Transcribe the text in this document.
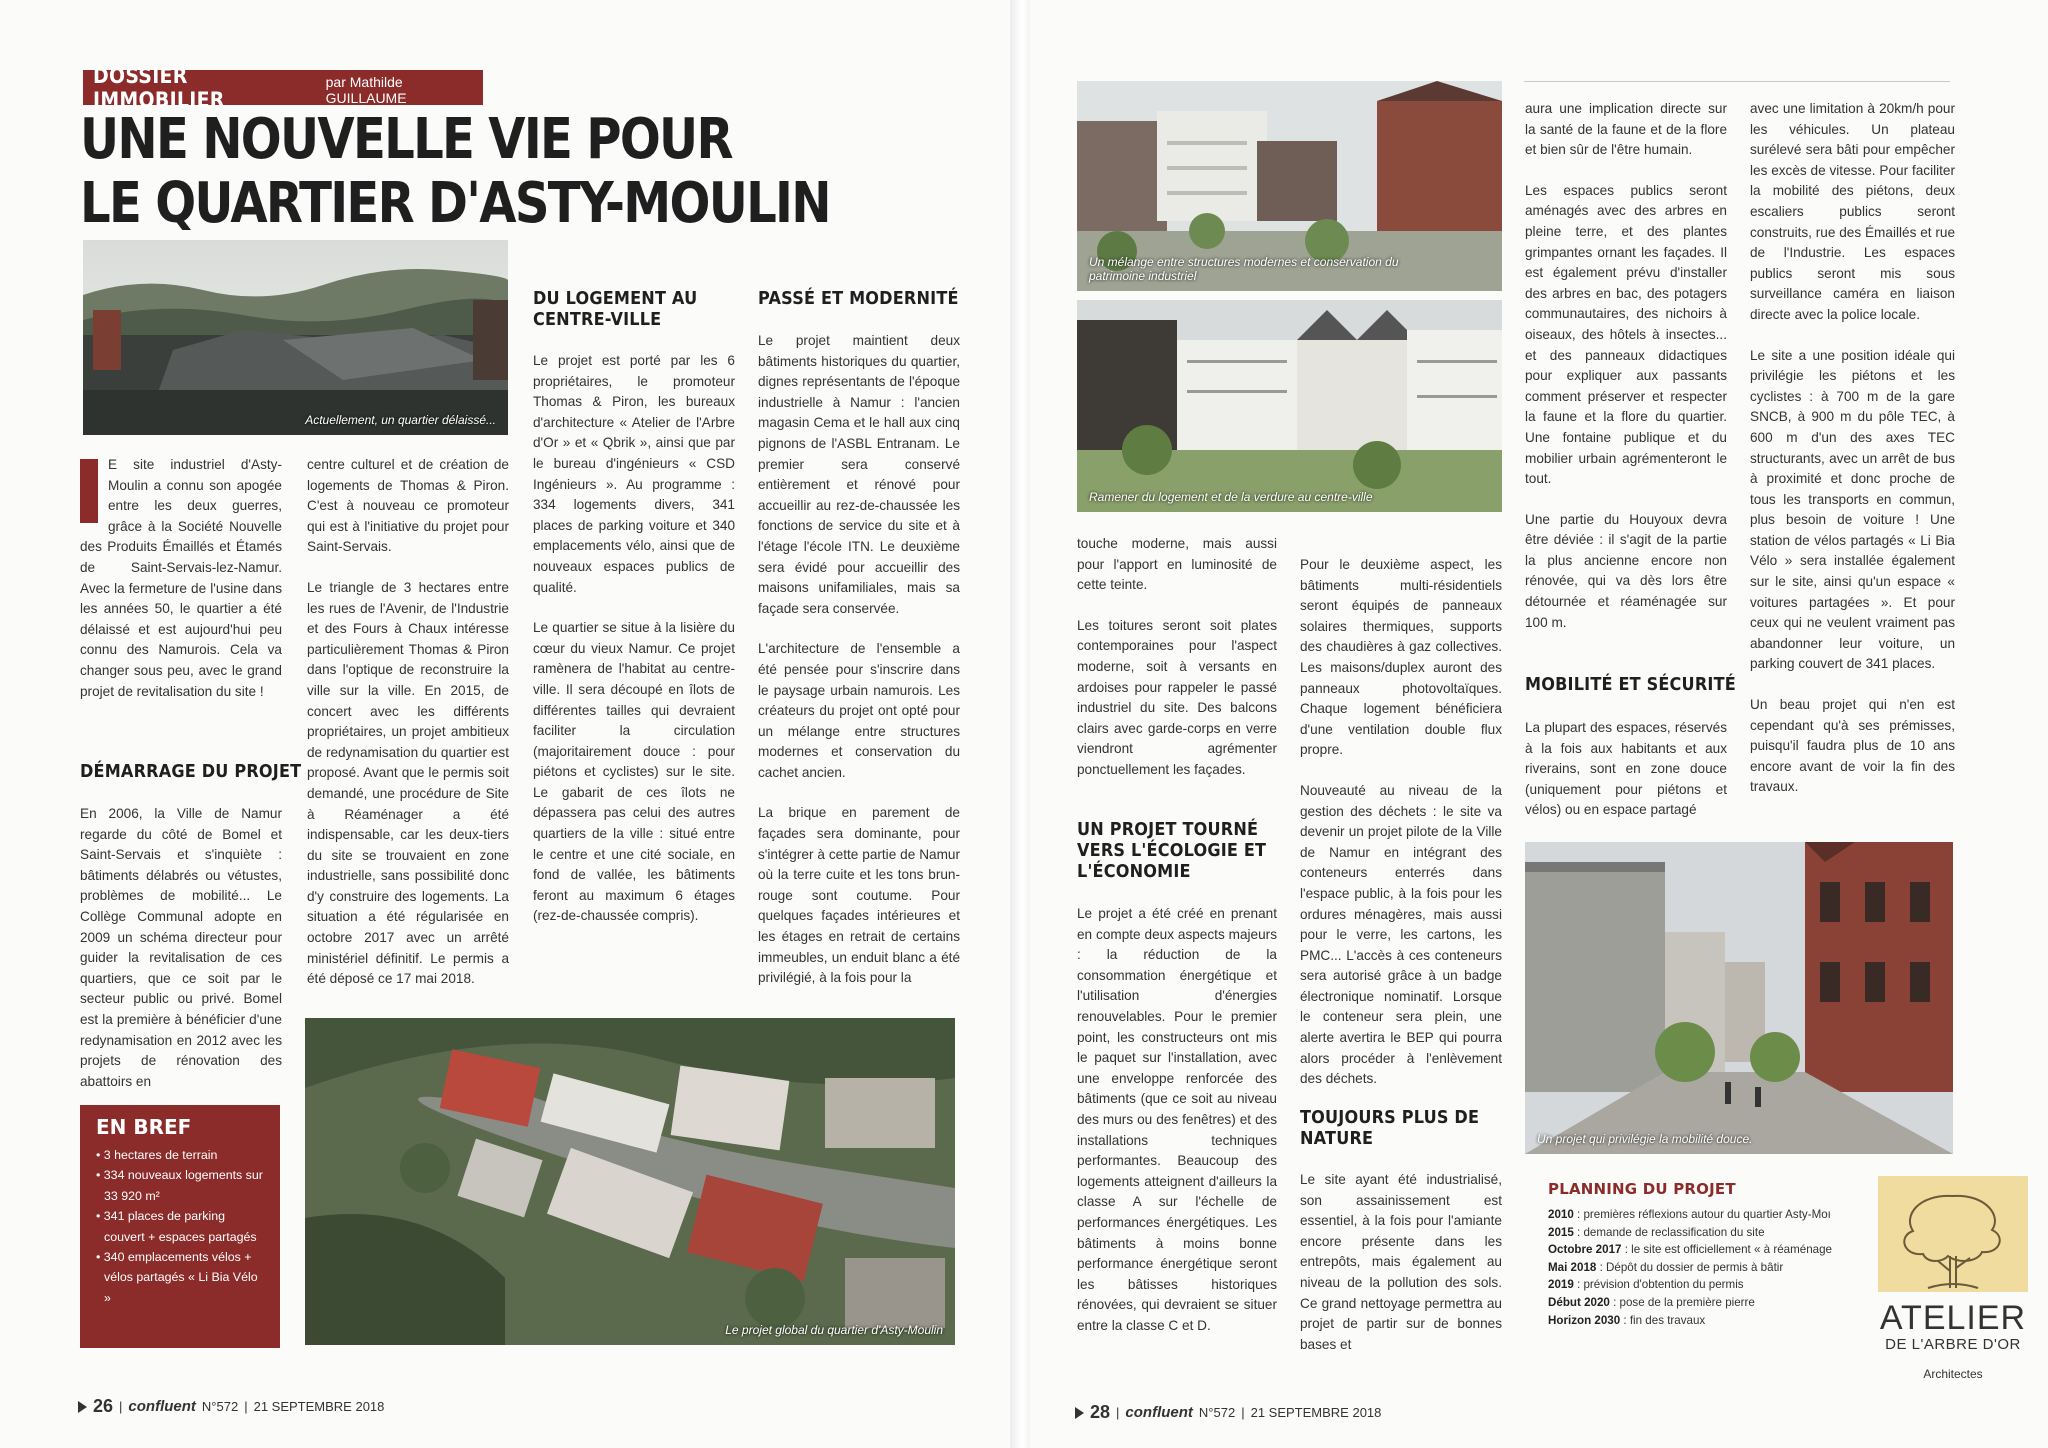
DOSSIER IMMOBILIER
par Mathilde GUILLAUME
UNE NOUVELLE VIE POUR
LE QUARTIER D'ASTY-MOULIN
Actuellement, un quartier délaissé...

E site industriel d'Asty-Moulin a connu son apogée entre les deux guerres, grâce à la Société Nouvelle des Produits Émaillés et Étamés de Saint-Servais-lez-Namur. Avec la fermeture de l'usine dans les années 50, le quartier a été délaissé et est aujourd'hui peu connu des Namurois. Cela va changer sous peu, avec le grand projet de revitalisation du site !

DÉMARRAGE DU PROJET

En 2006, la Ville de Namur regarde du côté de Bomel et Saint-Servais et s'inquiète : bâtiments délabrés ou vétustes, problèmes de mobilité... Le Collège Communal adopte en 2009 un schéma directeur pour guider la revitalisation de ces quartiers, que ce soit par le secteur public ou privé. Bomel est la première à bénéficier d'une redynamisation en 2012 avec les projets de rénovation des abattoirs en

centre culturel et de création de logements de Thomas & Piron. C'est à nouveau ce promoteur qui est à l'initiative du projet pour Saint-Servais.

Le triangle de 3 hectares entre les rues de l'Avenir, de l'Industrie et des Fours à Chaux intéresse particulièrement Thomas & Piron dans l'optique de reconstruire la ville sur la ville. En 2015, de concert avec les différents propriétaires, un projet ambitieux de redynamisation du quartier est proposé. Avant que le permis soit demandé, une procédure de Site à Réaménager a été indispensable, car les deux-tiers du site se trouvaient en zone industrielle, sans possibilité donc d'y construire des logements. La situation a été régularisée en octobre 2017 avec un arrêté ministériel définitif. Le permis a été déposé ce 17 mai 2018.

DU LOGEMENT AU
CENTRE-VILLE

Le projet est porté par les 6 propriétaires, le promoteur Thomas & Piron, les bureaux d'architecture « Atelier de l'Arbre d'Or » et « Qbrik », ainsi que par le bureau d'ingénieurs « CSD Ingénieurs ». Au programme : 334 logements divers, 341 places de parking voiture et 340 emplacements vélo, ainsi que de nouveaux espaces publics de qualité.

Le quartier se situe à la lisière du cœur du vieux Namur. Ce projet ramènera de l'habitat au centre-ville. Il sera découpé en îlots de différentes tailles qui devraient faciliter la circulation (majoritairement douce : pour piétons et cyclistes) sur le site. Le gabarit de ces îlots ne dépassera pas celui des autres quartiers de la ville : situé entre le centre et une cité sociale, en fond de vallée, les bâtiments feront au maximum 6 étages (rez-de-chaussée compris).

PASSÉ ET MODERNITÉ

Le projet maintient deux bâtiments historiques du quartier, dignes représentants de l'époque industrielle à Namur : l'ancien magasin Cema et le hall aux cinq pignons de l'ASBL Entranam. Le premier sera conservé entièrement et rénové pour accueillir au rez-de-chaussée les fonctions de service du site et à l'étage l'école ITN. Le deuxième sera évidé pour accueillir des maisons unifamiliales, mais sa façade sera conservée.

L'architecture de l'ensemble a été pensée pour s'inscrire dans le paysage urbain namurois. Les créateurs du projet ont opté pour un mélange entre structures modernes et conservation du cachet ancien.

La brique en parement de façades sera dominante, pour s'intégrer à cette partie de Namur où la terre cuite et les tons brun-rouge sont coutume. Pour quelques façades intérieures et les étages en retrait de certains immeubles, un enduit blanc a été privilégié, à la fois pour la

EN BREF
• 3 hectares de terrain
• 334 nouveaux logements sur 33 920 m²
• 341 places de parking couvert + espaces partagés
• 340 emplacements vélos + vélos partagés « Li Bia Vélo »
Le projet global du quartier d'Asty-Moulin
26 | confluent N°572 | 21 SEPTEMBRE 2018
Un mélange entre structures modernes et conservation du patrimoine industriel
Ramener du logement et de la verdure au centre-ville

touche moderne, mais aussi pour l'apport en luminosité de cette teinte.

Les toitures seront soit plates contemporaines pour l'aspect moderne, soit à versants en ardoises pour rappeler le passé industriel du site. Des balcons clairs avec garde-corps en verre viendront agrémenter ponctuellement les façades.

UN PROJET TOURNÉ
VERS L'ÉCOLOGIE ET
L'ÉCONOMIE

Le projet a été créé en prenant en compte deux aspects majeurs : la réduction de la consommation énergétique et l'utilisation d'énergies renouvelables. Pour le premier point, les constructeurs ont mis le paquet sur l'installation, avec une enveloppe renforcée des bâtiments (que ce soit au niveau des murs ou des fenêtres) et des installations techniques performantes. Beaucoup des logements atteignent d'ailleurs la classe A sur l'échelle de performances énergétiques. Les bâtiments à moins bonne performance énergétique seront les bâtisses historiques rénovées, qui devraient se situer entre la classe C et D.

Pour le deuxième aspect, les bâtiments multi-résidentiels seront équipés de panneaux solaires thermiques, supports des chaudières à gaz collectives. Les maisons/duplex auront des panneaux photovoltaïques. Chaque logement bénéficiera d'une ventilation double flux propre.

Nouveauté au niveau de la gestion des déchets : le site va devenir un projet pilote de la Ville de Namur en intégrant des conteneurs enterrés dans l'espace public, à la fois pour les ordures ménagères, mais aussi pour le verre, les cartons, les PMC... L'accès à ces conteneurs sera autorisé grâce à un badge électronique nominatif. Lorsque le conteneur sera plein, une alerte avertira le BEP qui pourra alors procéder à l'enlèvement des déchets.

TOUJOURS PLUS DE
NATURE

Le site ayant été industrialisé, son assainissement est essentiel, à la fois pour l'amiante encore présente dans les entrepôts, mais également au niveau de la pollution des sols. Ce grand nettoyage permettra au projet de partir sur de bonnes bases et

aura une implication directe sur la santé de la faune et de la flore et bien sûr de l'être humain.

Les espaces publics seront aménagés avec des arbres en pleine terre, et des plantes grimpantes ornant les façades. Il est également prévu d'installer des arbres en bac, des potagers communautaires, des nichoirs à oiseaux, des hôtels à insectes... et des panneaux didactiques pour expliquer aux passants comment préserver et respecter la faune et la flore du quartier. Une fontaine publique et du mobilier urbain agrémenteront le tout.

Une partie du Houyoux devra être déviée : il s'agit de la partie la plus ancienne encore non rénovée, qui va dès lors être détournée et réaménagée sur 100 m.

MOBILITÉ ET SÉCURITÉ

La plupart des espaces, réservés à la fois aux habitants et aux riverains, sont en zone douce (uniquement pour piétons et vélos) ou en espace partagé

avec une limitation à 20km/h pour les véhicules. Un plateau surélevé sera bâti pour empêcher les excès de vitesse. Pour faciliter la mobilité des piétons, deux escaliers publics seront construits, rue des Émaillés et rue de l'Industrie. Les espaces publics seront mis sous surveillance caméra en liaison directe avec la police locale.

Le site a une position idéale qui privilégie les piétons et les cyclistes : à 700 m de la gare SNCB, à 900 m du pôle TEC, à 600 m d'un des axes TEC structurants, avec un arrêt de bus à proximité et donc proche de tous les transports en commun, plus besoin de voiture ! Une station de vélos partagés « Li Bia Vélo » sera installée également sur le site, ainsi qu'un espace « voitures partagées ». Et pour ceux qui ne veulent vraiment pas abandonner leur voiture, un parking couvert de 341 places.

Un beau projet qui n'en est cependant qu'à ses prémisses, puisqu'il faudra plus de 10 ans encore avant de voir la fin des travaux.

Un projet qui privilégie la mobilité douce.
PLANNING DU PROJET
2010 : premières réflexions autour du quartier Asty-Moı
2015 : demande de reclassification du site
Octobre 2017 : le site est officiellement « à réaménage
Mai 2018 : Dépôt du dossier de permis à bâtir
2019 : prévision d'obtention du permis
Début 2020 : pose de la première pierre
Horizon 2030 : fin des travaux	ATELIER
DE L'ARBRE D'OR
Architectes
28 | confluent N°572 | 21 SEPTEMBRE 2018
